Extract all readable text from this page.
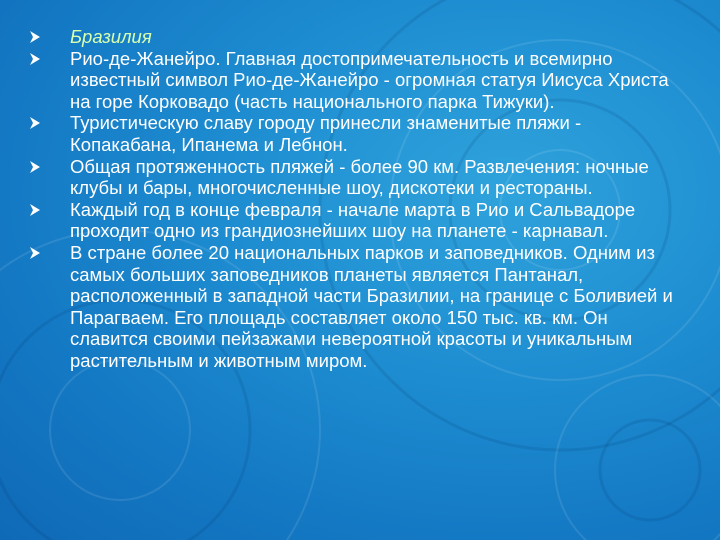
Бразилия
Рио-де-Жанейро. Главная достопримечательность и всемирно известный символ Рио-де-Жанейро - огромная статуя Иисуса Христа на горе Корковадо (часть национального парка Тижуки).
Туристическую славу городу принесли знаменитые пляжи - Копакабана, Ипанема и Лебнон.
Общая протяженность пляжей - более 90 км. Развлечения: ночные клубы и бары, многочисленные шоу, дискотеки и рестораны.
Каждый год в конце февраля - начале марта в Рио и Сальвадоре проходит одно из грандиознейших шоу на планете - карнавал.
В стране более 20 национальных парков и заповедников. Одним из самых больших заповедников планеты является Пантанал, расположенный в западной части Бразилии, на границе с Боливией и Парагваем. Его площадь составляет около 150 тыс. кв. км. Он славится своими пейзажами невероятной красоты и уникальным растительным и животным миром.
